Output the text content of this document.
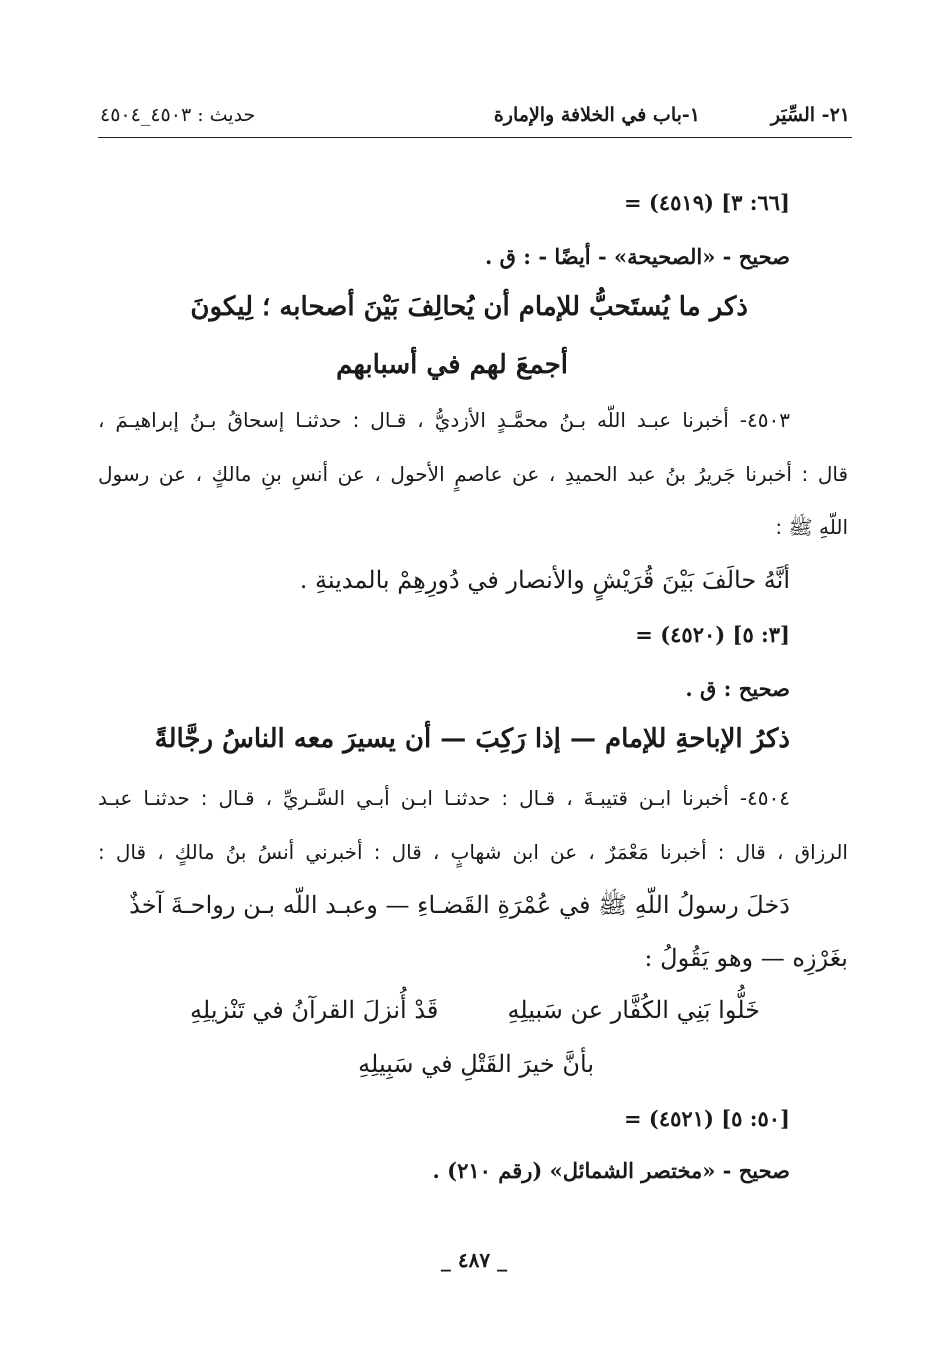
٢١- السِّيَر
١-باب في الخلافة والإمارة
حديث : ٤٥٠٣_٤٥٠٤
= (٤٥١٩) [٣ :٦٦]
صحيح - «الصحيحة» - أيضًا - : ق .
ذكر ما يُستَحبُّ للإمام أن يُحالِفَ بَيْنَ أصحابه ؛ لِيكونَ
أجمعَ لهم في أسبابهم
٤٥٠٣- أخبرنا عبـد اللّه بـنُ محمَّـدٍ الأزديُّ ، قـال : حدثنـا إسحاقُ بـنُ إبراهيـمَ ،
قال : أخبرنا جَريرُ بنُ عبد الحميدِ ، عن عاصمٍ الأحول ، عن أنسِ بنِ مالكٍ ، عن رسول
اللّهِ ﷺ :
أنَّهُ حالَفَ بَيْنَ قُرَيْشٍ والأنصار في دُورِهِمْ بالمدينةِ .
= (٤٥٢٠) [٥ :٣]
صحيح : ق .
ذكرُ الإباحةِ للإمام — إذا رَكِبَ — أن يسيرَ معه الناسُ رجَّالةً
٤٥٠٤- أخبرنا ابـن قتيبـةَ ، قـال : حدثنـا ابـن أبـي السَّـريِّ ، قـال : حدثنـا عبـد
الرزاق ، قال : أخبرنا مَعْمَرٌ ، عن ابن شهابٍ ، قال : أخبرني أنسُ بنُ مالكٍ ، قال :
دَخلَ رسولُ اللّهِ ﷺ في عُمْرَةِ القَضـاءِ — وعبـد اللّه بـن رواحـةَ آخذٌ
بغَرْزِه — وهو يَقُولُ :
خَلُّوا بَنِي الكُفَّار عن سَبيلِهِ
قَدْ أُنزلَ القرآنُ في تَنْزيلِهِ
بأنَّ خيرَ القَتْلِ في سَبِيلِهِ
= (٤٥٢١) [٥ :٥٠]
صحيح - «مختصر الشمائل» (رقم ٢١٠) .
_ ٤٨٧ _
